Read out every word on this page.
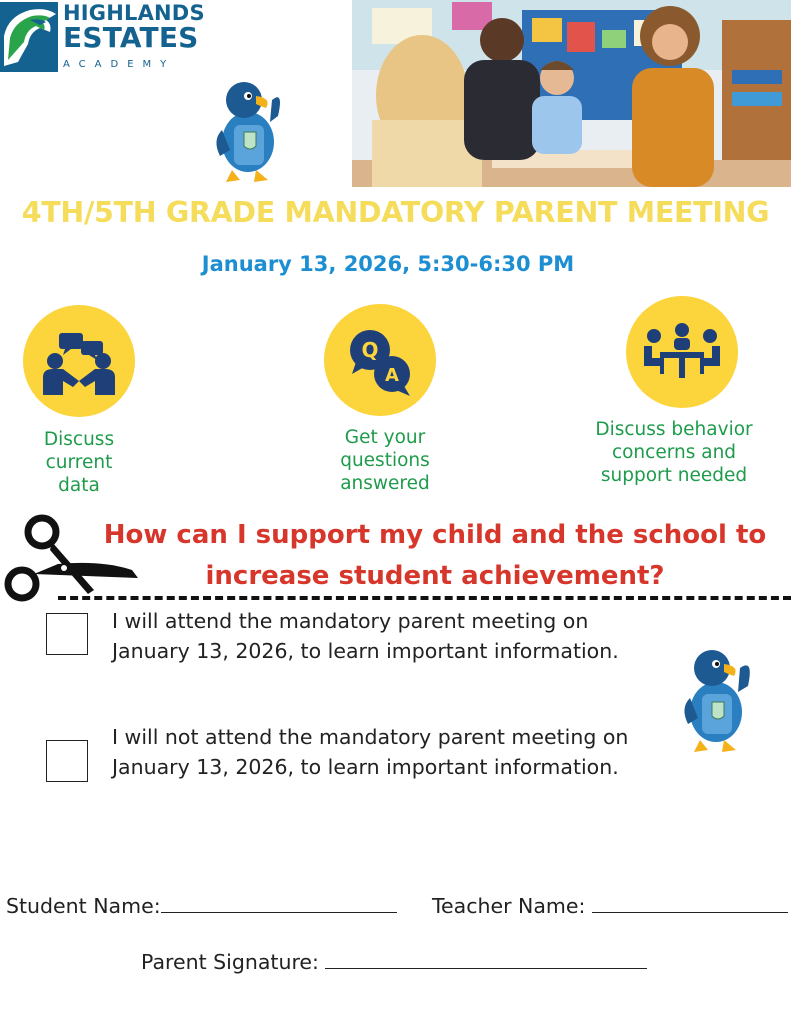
HIGHLANDS
ESTATES
ACADEMY
4TH/5TH GRADE MANDATORY PARENT MEETING
January 13, 2026, 5:30-6:30 PM
Discuss
current
data
Q
A
Get your
questions
answered
Discuss behavior
concerns and
support needed
How can I support my child and the school to
increase student achievement?
I will attend the mandatory parent meeting on
January 13, 2026, to learn important information.
I will not attend the mandatory parent meeting on
January 13, 2026, to learn important information.
Student Name:	Teacher Name:
Parent Signature:
